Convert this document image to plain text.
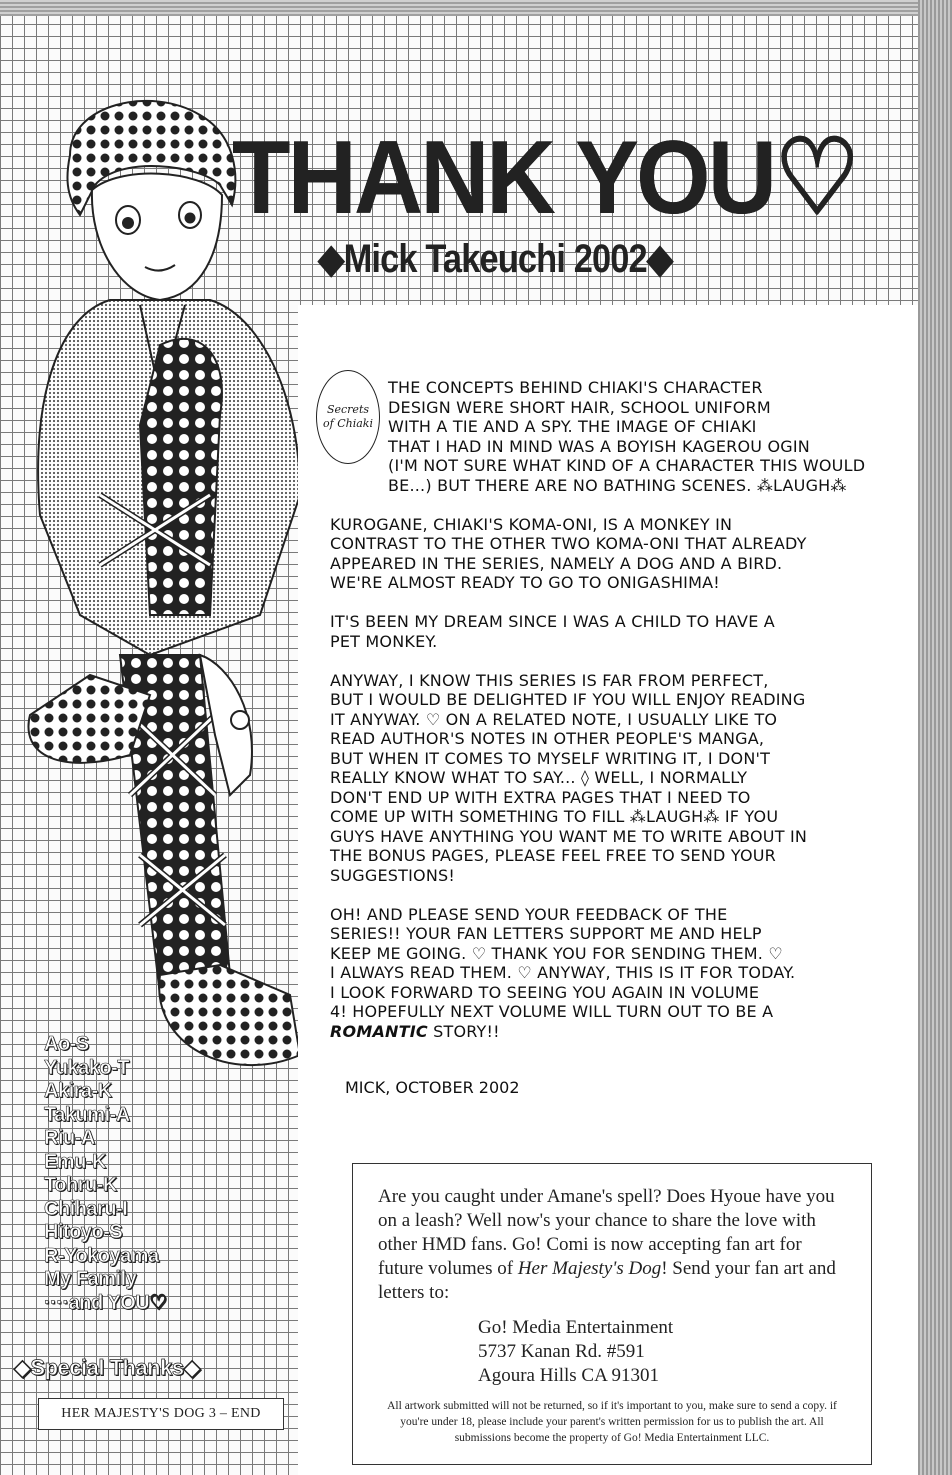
THANK YOU♡
◆Mick Takeuchi 2002◆
Secrets of Chiaki

THE CONCEPTS BEHIND CHIAKI'S CHARACTER
DESIGN WERE SHORT HAIR, SCHOOL UNIFORM
WITH A TIE AND A SPY. THE IMAGE OF CHIAKI
THAT I HAD IN MIND WAS A BOYISH KAGEROU OGIN
(I'M NOT SURE WHAT KIND OF A CHARACTER THIS WOULD
BE...) BUT THERE ARE NO BATHING SCENES. ⁂LAUGH⁂

KUROGANE, CHIAKI'S KOMA-ONI, IS A MONKEY IN
CONTRAST TO THE OTHER TWO KOMA-ONI THAT ALREADY
APPEARED IN THE SERIES, NAMELY A DOG AND A BIRD.
WE'RE ALMOST READY TO GO TO ONIGASHIMA!

IT'S BEEN MY DREAM SINCE I WAS A CHILD TO HAVE A
PET MONKEY.

ANYWAY, I KNOW THIS SERIES IS FAR FROM PERFECT,
BUT I WOULD BE DELIGHTED IF YOU WILL ENJOY READING
IT ANYWAY. ♡ ON A RELATED NOTE, I USUALLY LIKE TO
READ AUTHOR'S NOTES IN OTHER PEOPLE'S MANGA,
BUT WHEN IT COMES TO MYSELF WRITING IT, I DON'T
REALLY KNOW WHAT TO SAY... ◊ WELL, I NORMALLY
DON'T END UP WITH EXTRA PAGES THAT I NEED TO
COME UP WITH SOMETHING TO FILL ⁂LAUGH⁂ IF YOU
GUYS HAVE ANYTHING YOU WANT ME TO WRITE ABOUT IN
THE BONUS PAGES, PLEASE FEEL FREE TO SEND YOUR
SUGGESTIONS!

OH! AND PLEASE SEND YOUR FEEDBACK OF THE
SERIES!! YOUR FAN LETTERS SUPPORT ME AND HELP
KEEP ME GOING. ♡ THANK YOU FOR SENDING THEM. ♡
I ALWAYS READ THEM. ♡ ANYWAY, THIS IS IT FOR TODAY.
I LOOK FORWARD TO SEEING YOU AGAIN IN VOLUME
4! HOPEFULLY NEXT VOLUME WILL TURN OUT TO BE A

ROMANTIC STORY!!

MICK, OCTOBER 2002
Are you caught under Amane's spell? Does Hyoue have you on a leash? Well now's your chance to share the love with other HMD fans. Go! Comi is now accepting fan art for future volumes of Her Majesty's Dog! Send your fan art and letters to:
Go! Media Entertainment
5737 Kanan Rd. #591
Agoura Hills CA 91301
All artwork submitted will not be returned, so if it's important to you, make sure to send a copy. if you're under 18, please include your parent's written permission for us to publish the art. All submissions become the property of Go! Media Entertainment LLC.
Ao-S
Yukako-T
Akira-K
Takumi-A
Riu-A
Emu-K
Tohru-K
Chiharu-I
Hitoyo-S
R-Yokoyama
My Family
····and YOU♡
◆Special Thanks◆
HER MAJESTY'S DOG 3 – END
